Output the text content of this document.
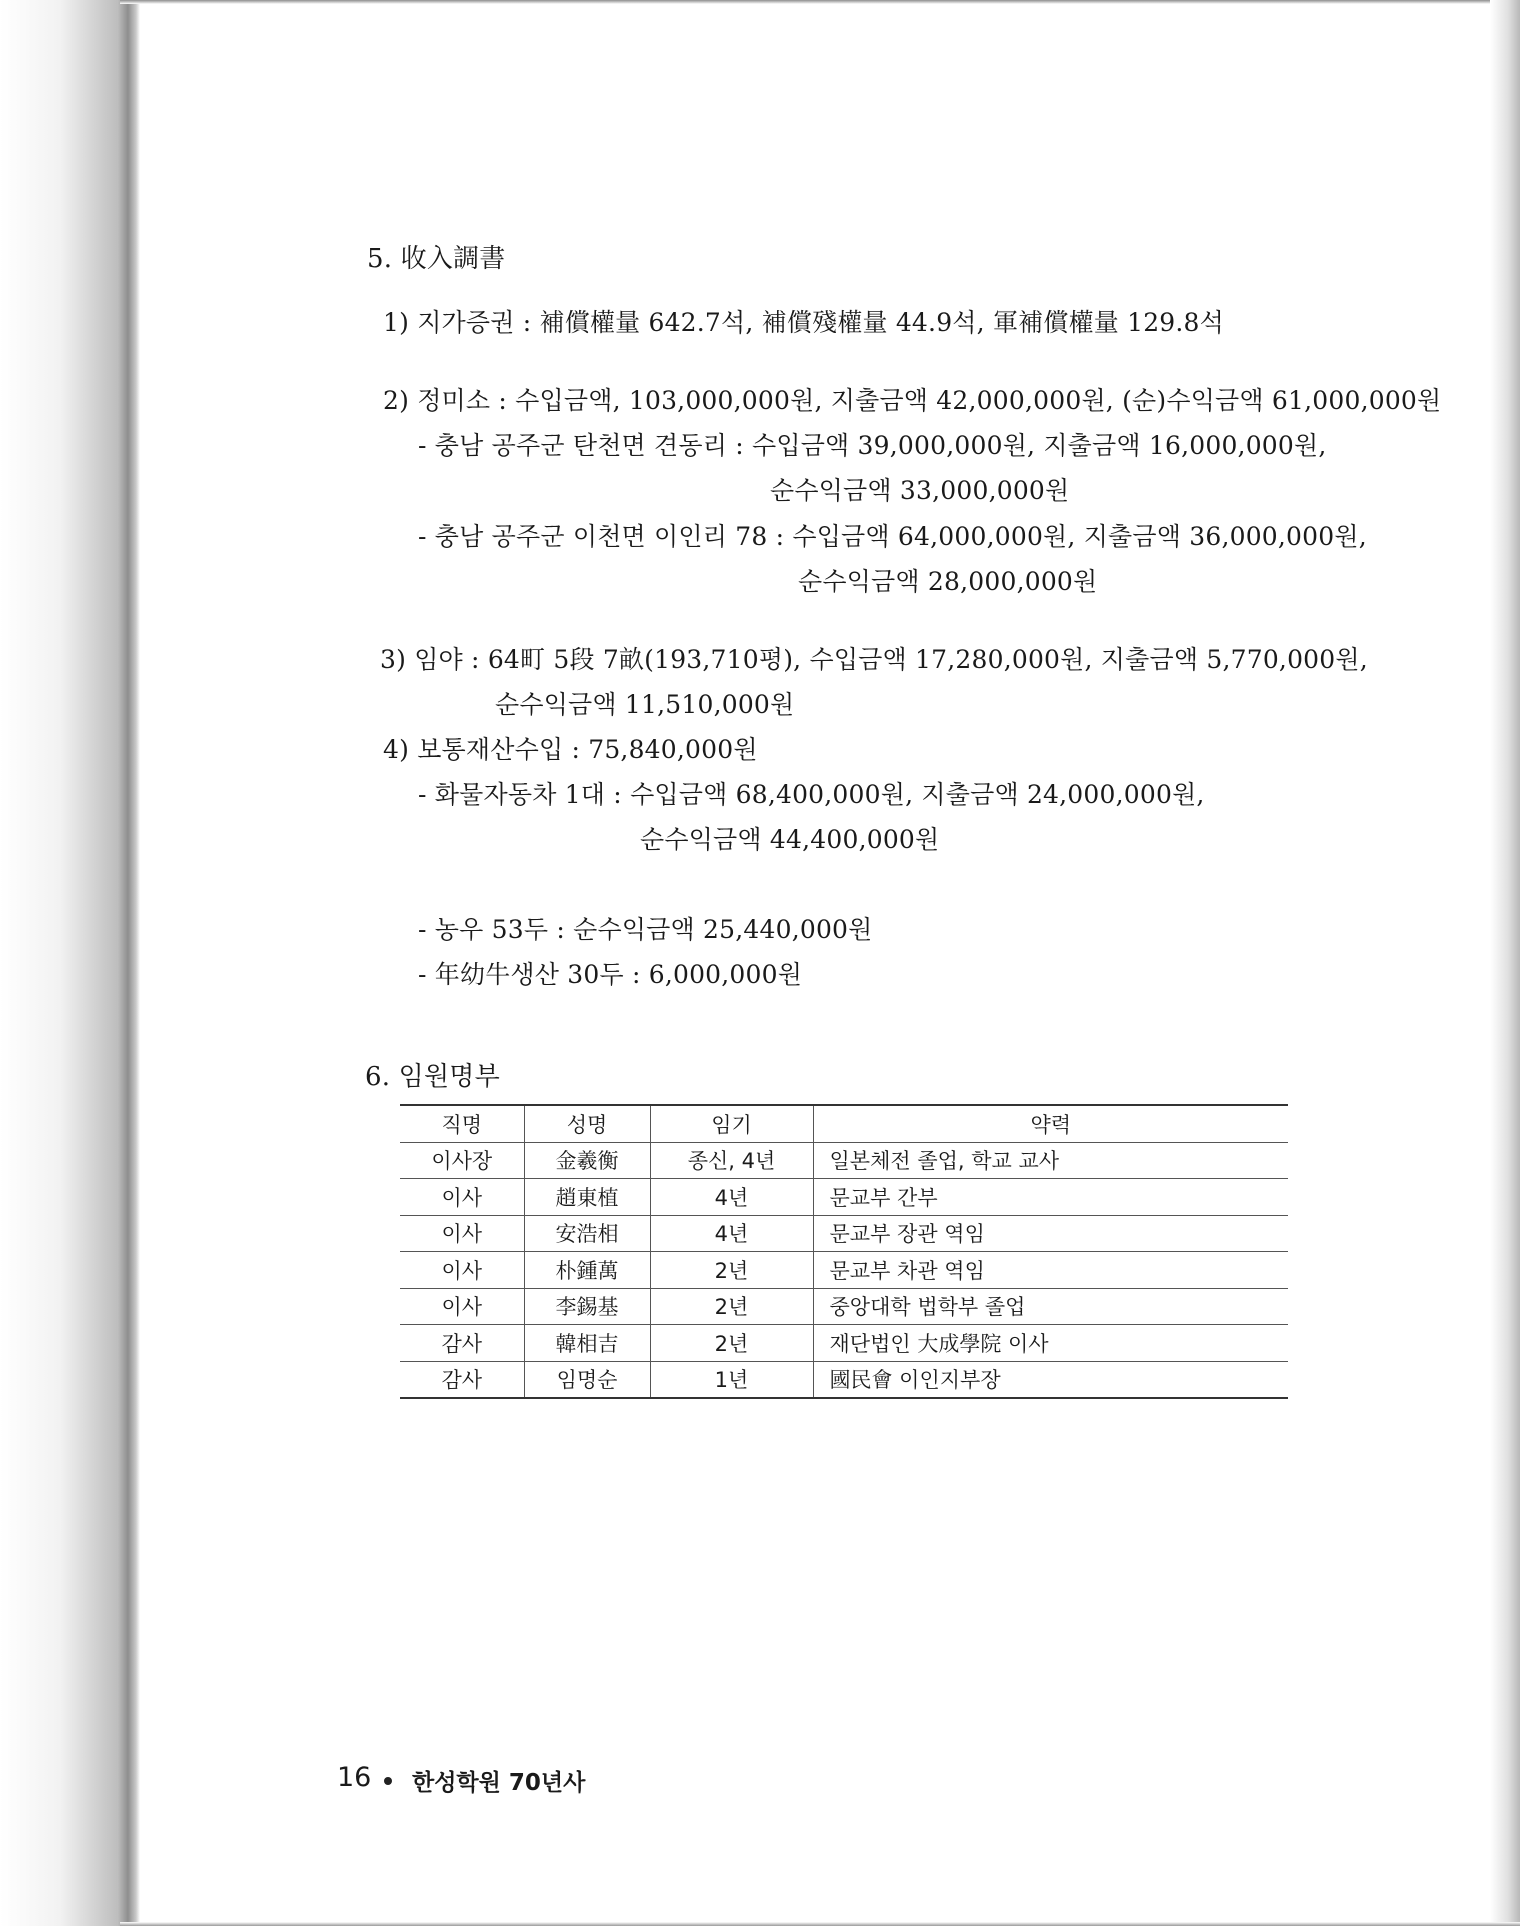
5. 收入調書
1) 지가증권 : 補償權量 642.7석, 補償殘權量 44.9석, 軍補償權量 129.8석
2) 정미소 : 수입금액, 103,000,000원, 지출금액 42,000,000원, (순)수익금액 61,000,000원
- 충남 공주군 탄천면 견동리 : 수입금액 39,000,000원, 지출금액 16,000,000원,
순수익금액 33,000,000원
- 충남 공주군 이천면 이인리 78 : 수입금액 64,000,000원, 지출금액 36,000,000원,
순수익금액 28,000,000원
3) 임야 : 64町 5段 7畝(193,710평), 수입금액 17,280,000원, 지출금액 5,770,000원,
순수익금액 11,510,000원
4) 보통재산수입 : 75,840,000원
- 화물자동차 1대 : 수입금액 68,400,000원, 지출금액 24,000,000원,
순수익금액 44,400,000원
- 농우 53두 : 순수익금액 25,440,000원
- 年幼牛생산 30두 : 6,000,000원
6. 임원명부
직명	성명	임기	약력
이사장	金羲衡	종신, 4년	일본체전 졸업, 학교 교사
이사	趙東植	4년	문교부 간부
이사	安浩相	4년	문교부 장관 역임
이사	朴鍾萬	2년	문교부 차관 역임
이사	李錫基	2년	중앙대학 법학부 졸업
감사	韓相吉	2년	재단법인 大成學院 이사
감사	임명순	1년	國民會 이인지부장
16 한성학원 70년사
